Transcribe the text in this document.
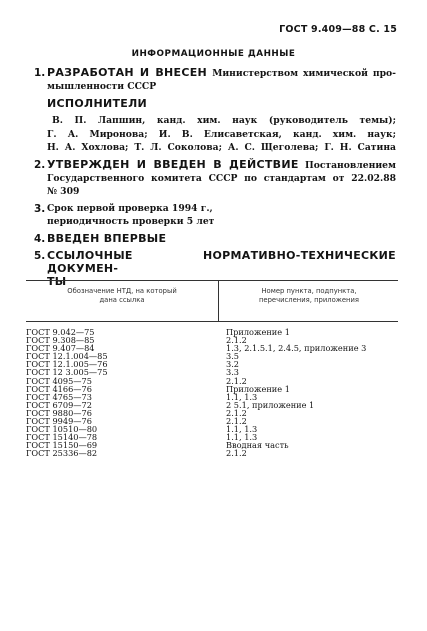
ГОСТ 9.409—88 С. 15
ИНФОРМАЦИОННЫЕ ДАННЫЕ
1. РАЗРАБОТАН И ВНЕСЕН Министерством химической про-
мышленности СССР
ИСПОЛНИТЕЛИ
В. П. Лапшин, канд. хим. наук (руководитель темы);
Г. А. Миронова; И. В. Елисаветская, канд. хим. наук;
Н. А. Хохлова; Т. Л. Соколова; А. С. Щеголева; Г. Н. Сатина
2. УТВЕРЖДЕН И ВВЕДЕН В ДЕЙСТВИЕ Постановлением
Государственного комитета СССР по стандартам от 22.02.88
№ 309
3. Срок первой проверка 1994 г.,
периодичность проверки 5 лет
4. ВВЕДЕН ВПЕРВЫЕ
5. ССЫЛОЧНЫЕ НОРМАТИВНО-ТЕХНИЧЕСКИЕ ДОКУМЕН-
ТЫ
Обозначение НТД, на который
дана ссылка
Номер пункта, подпункта,
перечисления, приложения
ГОСТ 9.042—75	Приложение 1
ГОСТ 9.308—85	2.1.2
ГОСТ 9.407—84	1.3, 2.1.5.1, 2.4.5, приложение 3
ГОСТ 12.1.004—85	3.5
ГОСТ 12.1.005—76	3.2
ГОСТ 12 3.005—75	3.3
ГОСТ 4095—75	2.1.2
ГОСТ 4166—76	Приложение 1
ГОСТ 4765—73	1.1, 1.3
ГОСТ 6709—72	2 5.1, приложение 1
ГОСТ 9880—76	2.1.2
ГОСТ 9949—76	2.1.2
ГОСТ 10510—80	1.1, 1.3
ГОСТ 15140—78	1.1, 1.3
ГОСТ 15150—69	Вводная часть
ГОСТ 25336—82	2.1.2
